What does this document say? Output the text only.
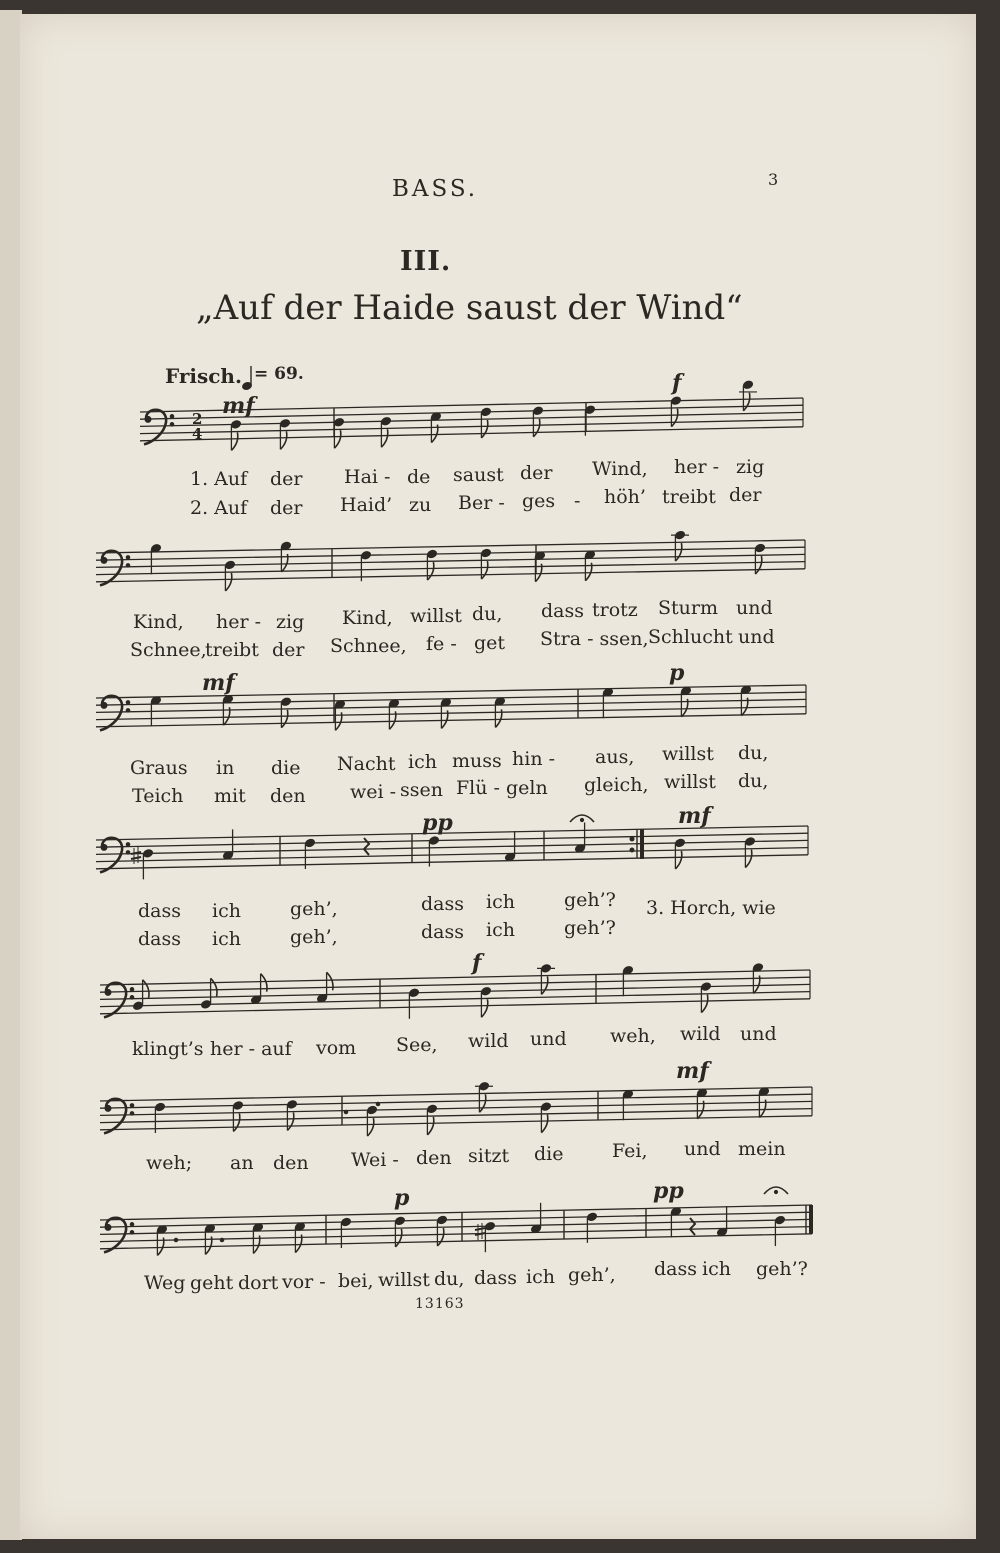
BASS.	3
III.
„Auf der Haide saust der Wind“
Frisch. = 69.
2
4
mf
f
mf	p
pp	mf
f
mf
p	pp
1. Auf der Hai - de saust der Wind, her - zig
2. Auf der Haid’ zu Ber - ges - höh’ treibt der
Kind, her - zig Kind, willst du, dass trotz Sturm und
Schnee,
treibt der Schnee, fe - get Stra - ssen, Schlucht und
Graus in die Nacht ich muss hin - aus, willst du,
Teich mit den wei - ssen Flü - geln gleich, willst du,
dass ich	geh’,	dass ich	geh’? 3. Horch, wie
dass ich	geh’,	dass ich	geh’?
klingt’s her - auf vom See, wild und weh, wild und
weh; an den Wei - den sitzt die	Fei, und mein
Weg geht dort vor - bei, willst du, dass ich geh’, dass ich geh’?
13163
